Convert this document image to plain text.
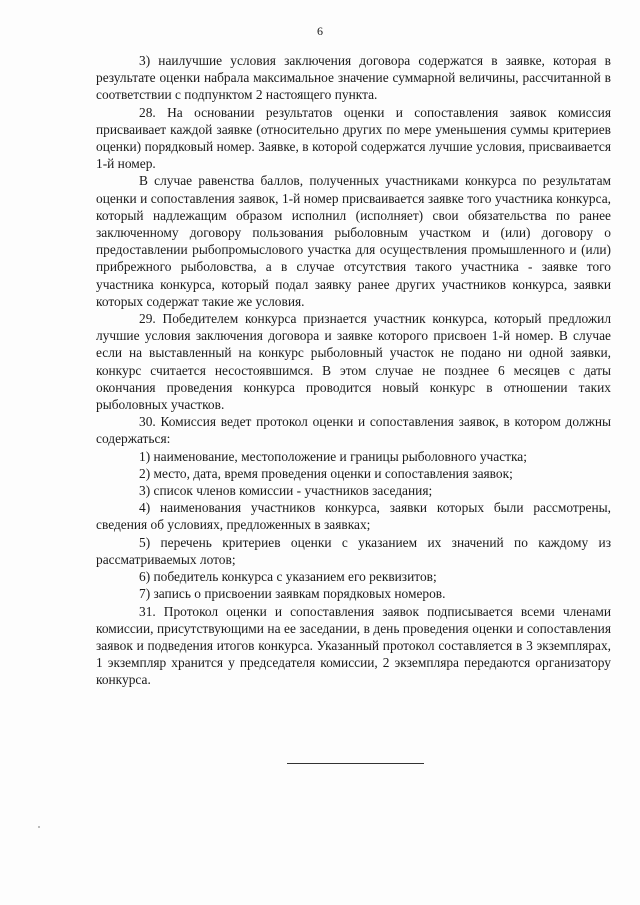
6

3) наилучшие условия заключения договора содержатся в заявке, которая в результате оценки набрала максимальное значение суммарной величины, рассчитанной в соответствии с подпунктом 2 настоящего пункта.

28. На основании результатов оценки и сопоставления заявок комиссия присваивает каждой заявке (относительно других по мере уменьшения суммы критериев оценки) порядковый номер. Заявке, в которой содержатся лучшие условия, присваивается 1-й номер.

В случае равенства баллов, полученных участниками конкурса по результатам оценки и сопоставления заявок, 1-й номер присваивается заявке того участника конкурса, который надлежащим образом исполнил (исполняет) свои обязательства по ранее заключенному договору пользования рыболовным участком и (или) договору о предоставлении рыбопромыслового участка для осуществления промышленного и (или) прибрежного рыболовства, а в случае отсутствия такого участника - заявке того участника конкурса, который подал заявку ранее других участников конкурса, заявки которых содержат такие же условия.

29. Победителем конкурса признается участник конкурса, который предложил лучшие условия заключения договора и заявке которого присвоен 1-й номер. В случае если на выставленный на конкурс рыболовный участок не подано ни одной заявки, конкурс считается несостоявшимся. В этом случае не позднее 6 месяцев с даты окончания проведения конкурса проводится новый конкурс в отношении таких рыболовных участков.

30. Комиссия ведет протокол оценки и сопоставления заявок, в котором должны содержаться:

1) наименование, местоположение и границы рыболовного участка;

2) место, дата, время проведения оценки и сопоставления заявок;

3) список членов комиссии - участников заседания;

4) наименования участников конкурса, заявки которых были рассмотрены, сведения об условиях, предложенных в заявках;

5) перечень критериев оценки с указанием их значений по каждому из рассматриваемых лотов;

6) победитель конкурса с указанием его реквизитов;

7) запись о присвоении заявкам порядковых номеров.

31. Протокол оценки и сопоставления заявок подписывается всеми членами комиссии, присутствующими на ее заседании, в день проведения оценки и сопоставления заявок и подведения итогов конкурса. Указанный протокол составляется в 3 экземплярах, 1 экземпляр хранится у председателя комиссии, 2 экземпляра передаются организатору конкурса.
